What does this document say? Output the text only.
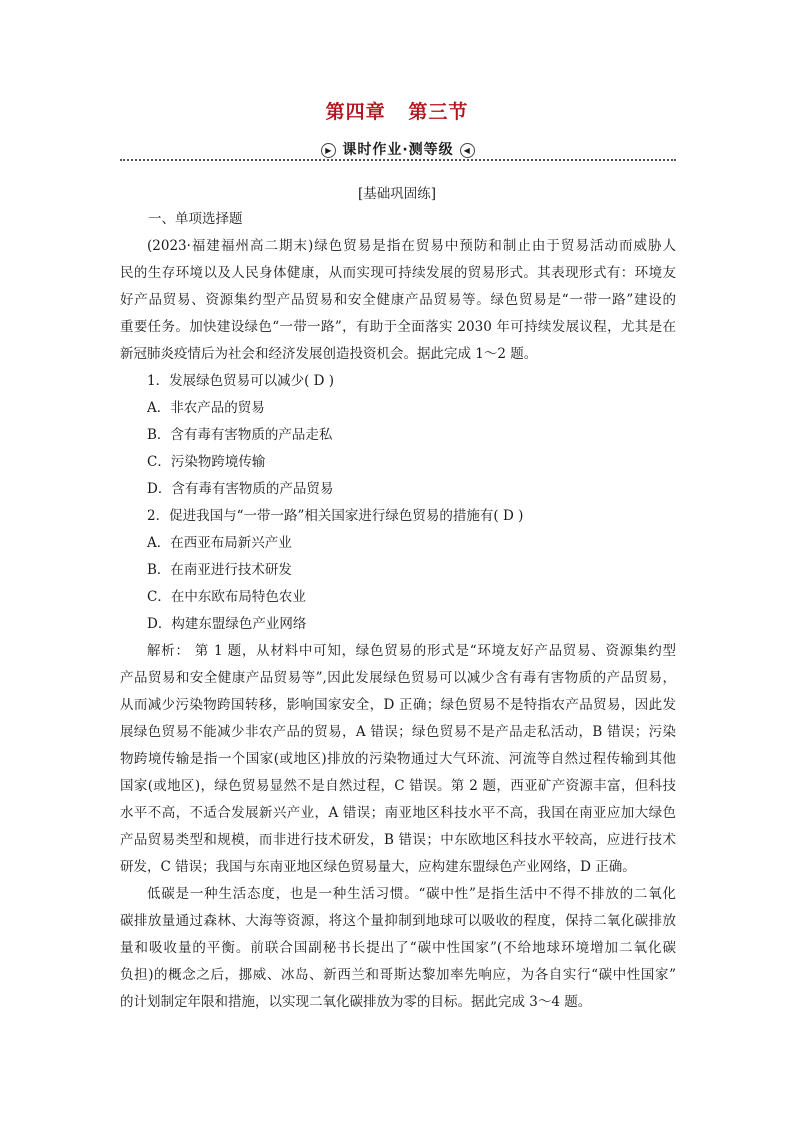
第四章   第三节
▶ 课时作业·测等级 ◀
[基础巩固练]
一、单项选择题
(2023·福建福州高二期末)绿色贸易是指在贸易中预防和制止由于贸易活动而威胁人
民的生存环境以及人民身体健康，从而实现可持续发展的贸易形式。其表现形式有：环境友
好产品贸易、资源集约型产品贸易和安全健康产品贸易等。绿色贸易是“一带一路”建设的
重要任务。加快建设绿色“一带一路”，有助于全面落实 2030 年可持续发展议程，尤其是在
新冠肺炎疫情后为社会和经济发展创造投资机会。据此完成 1～2 题。
1．发展绿色贸易可以减少( D )
A．非农产品的贸易
B．含有毒有害物质的产品走私
C．污染物跨境传输
D．含有毒有害物质的产品贸易
2．促进我国与“一带一路”相关国家进行绿色贸易的措施有( D )
A．在西亚布局新兴产业
B．在南亚进行技术研发
C．在中东欧布局特色农业
D．构建东盟绿色产业网络
解析： 第 1 题，从材料中可知，绿色贸易的形式是“环境友好产品贸易、资源集约型
产品贸易和安全健康产品贸易等”,因此发展绿色贸易可以减少含有毒有害物质的产品贸易，
从而减少污染物跨国转移，影响国家安全，D 正确；绿色贸易不是特指农产品贸易，因此发
展绿色贸易不能减少非农产品的贸易，A 错误；绿色贸易不是产品走私活动，B 错误；污染
物跨境传输是指一个国家(或地区)排放的污染物通过大气环流、河流等自然过程传输到其他
国家(或地区)，绿色贸易显然不是自然过程，C 错误。第 2 题，西亚矿产资源丰富，但科技
水平不高，不适合发展新兴产业，A 错误；南亚地区科技水平不高，我国在南亚应加大绿色
产品贸易类型和规模，而非进行技术研发，B 错误；中东欧地区科技水平较高，应进行技术
研发，C 错误；我国与东南亚地区绿色贸易量大，应构建东盟绿色产业网络，D 正确。
低碳是一种生活态度，也是一种生活习惯。“碳中性”是指生活中不得不排放的二氧化
碳排放量通过森林、大海等资源，将这个量抑制到地球可以吸收的程度，保持二氧化碳排放
量和吸收量的平衡。前联合国副秘书长提出了“碳中性国家”(不给地球环境增加二氧化碳
负担)的概念之后，挪威、冰岛、新西兰和哥斯达黎加率先响应，为各自实行“碳中性国家”
的计划制定年限和措施，以实现二氧化碳排放为零的目标。据此完成 3～4 题。
